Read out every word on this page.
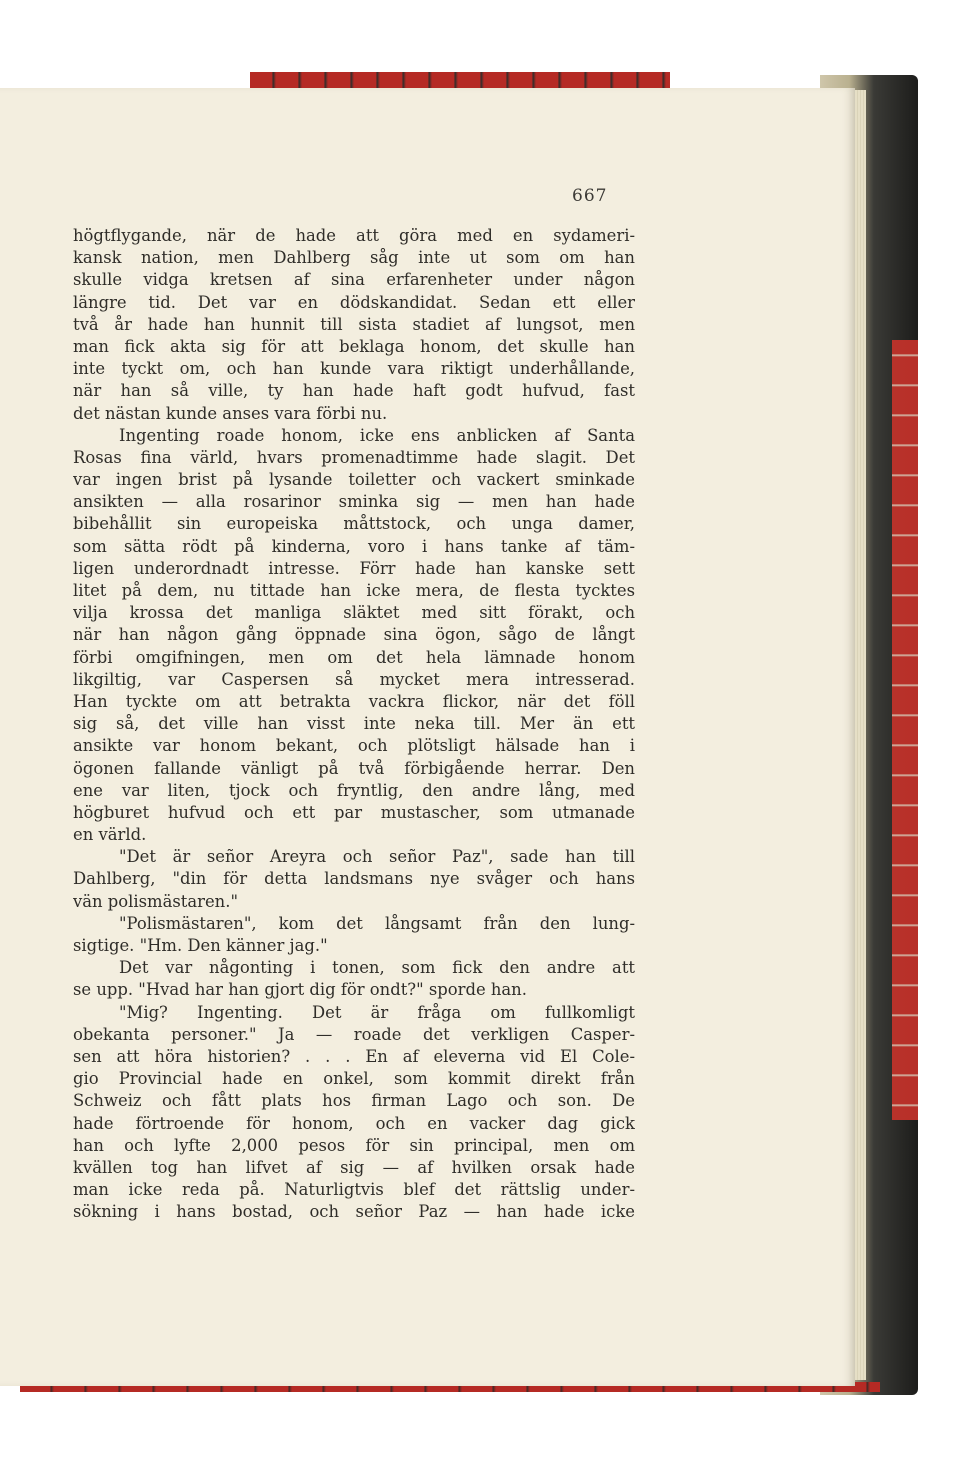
667
högtflygande, när de hade att göra med en sydameri-
kansk nation, men Dahlberg såg inte ut som om han
skulle vidga kretsen af sina erfarenheter under någon
längre tid. Det var en dödskandidat. Sedan ett eller
två år hade han hunnit till sista stadiet af lungsot, men
man fick akta sig för att beklaga honom, det skulle han
inte tyckt om, och han kunde vara riktigt underhållande,
när han så ville, ty han hade haft godt hufvud, fast
det nästan kunde anses vara förbi nu.
Ingenting roade honom, icke ens anblicken af Santa
Rosas fina värld, hvars promenadtimme hade slagit. Det
var ingen brist på lysande toiletter och vackert sminkade
ansikten — alla rosarinor sminka sig — men han hade
bibehållit sin europeiska måttstock, och unga damer,
som sätta rödt på kinderna, voro i hans tanke af täm-
ligen underordnadt intresse. Förr hade han kanske sett
litet på dem, nu tittade han icke mera, de flesta tycktes
vilja krossa det manliga släktet med sitt förakt, och
när han någon gång öppnade sina ögon, sågo de långt
förbi omgifningen, men om det hela lämnade honom
likgiltig, var Caspersen så mycket mera intresserad.
Han tyckte om att betrakta vackra flickor, när det föll
sig så, det ville han visst inte neka till. Mer än ett
ansikte var honom bekant, och plötsligt hälsade han i
ögonen fallande vänligt på två förbigående herrar. Den
ene var liten, tjock och fryntlig, den andre lång, med
högburet hufvud och ett par mustascher, som utmanade
en värld.
"Det är señor Areyra och señor Paz", sade han till
Dahlberg, "din för detta landsmans nye svåger och hans
vän polismästaren."
"Polismästaren", kom det långsamt från den lung-
sigtige. "Hm. Den känner jag."
Det var någonting i tonen, som fick den andre att
se upp. "Hvad har han gjort dig för ondt?" sporde han.
"Mig? Ingenting. Det är fråga om fullkomligt
obekanta personer." Ja — roade det verkligen Casper-
sen att höra historien? . . . En af eleverna vid El Cole-
gio Provincial hade en onkel, som kommit direkt från
Schweiz och fått plats hos firman Lago och son. De
hade förtroende för honom, och en vacker dag gick
han och lyfte 2,000 pesos för sin principal, men om
kvällen tog han lifvet af sig — af hvilken orsak hade
man icke reda på. Naturligtvis blef det rättslig under-
sökning i hans bostad, och señor Paz — han hade icke
